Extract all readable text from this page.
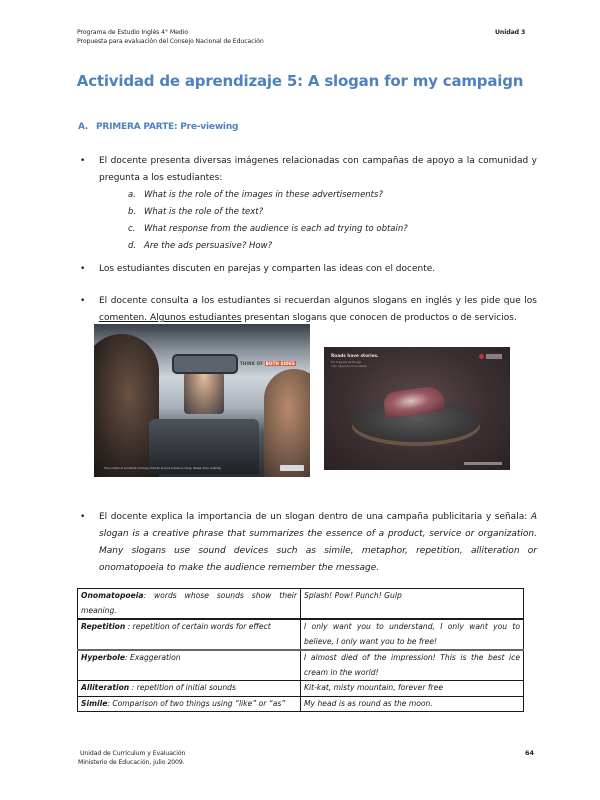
Programa de Estudio Inglés 4° Medio
Propuesta para evaluación del Consejo Nacional de Educación
Unidad 3
Actividad de aprendizaje 5: A slogan for my campaign
A. PRIMERA PARTE: Pre-viewing
• El docente presenta diversas imágenes relacionadas con campañas de apoyo a la comunidad y pregunta a los estudiantes:
a. What is the role of the images in these advertisements?
b. What is the role of the text?
c. What response from the audience is each ad trying to obtain?
d. Are the ads persuasive? How?
• Los estudiantes discuten en parejas y comparten las ideas con el docente.
• El docente consulta a los estudiantes si recuerdan algunos slogans en inglés y les pide que los comenten. Algunos estudiantes presentan slogans que conocen de productos o de servicios.
THINK OF BOTH SIDES
The number of accidents involving children around schools is rising. Please drive carefully.
Roads have stories.
For tragedy all things
only happens once safety.
• El docente explica la importancia de un slogan dentro de una campaña publicitaria y señala: A slogan is a creative phrase that summarizes the essence of a product, service or organization. Many slogans use sound devices such as simile, metaphor, repetition, alliteration or onomatopoeia to make the audience remember the message.
Onomatopoeia: words whose sounds show their meaning.	Splash! Pow! Punch! Gulp
Repetition : repetition of certain words for effect	I only want you to understand, I only want you to believe, I only want you to be free!
Hyperbole: Exaggeration	I almost died of the impression! This is the best ice cream in the world!
Alliteration : repetition of initial sounds	Kit-kat, misty mountain, forever free
Simile: Comparison of two things using “like” or “as”	My head is as round as the moon.
Unidad de Currículum y Evaluación
Ministerio de Educación, julio 2009.
64
